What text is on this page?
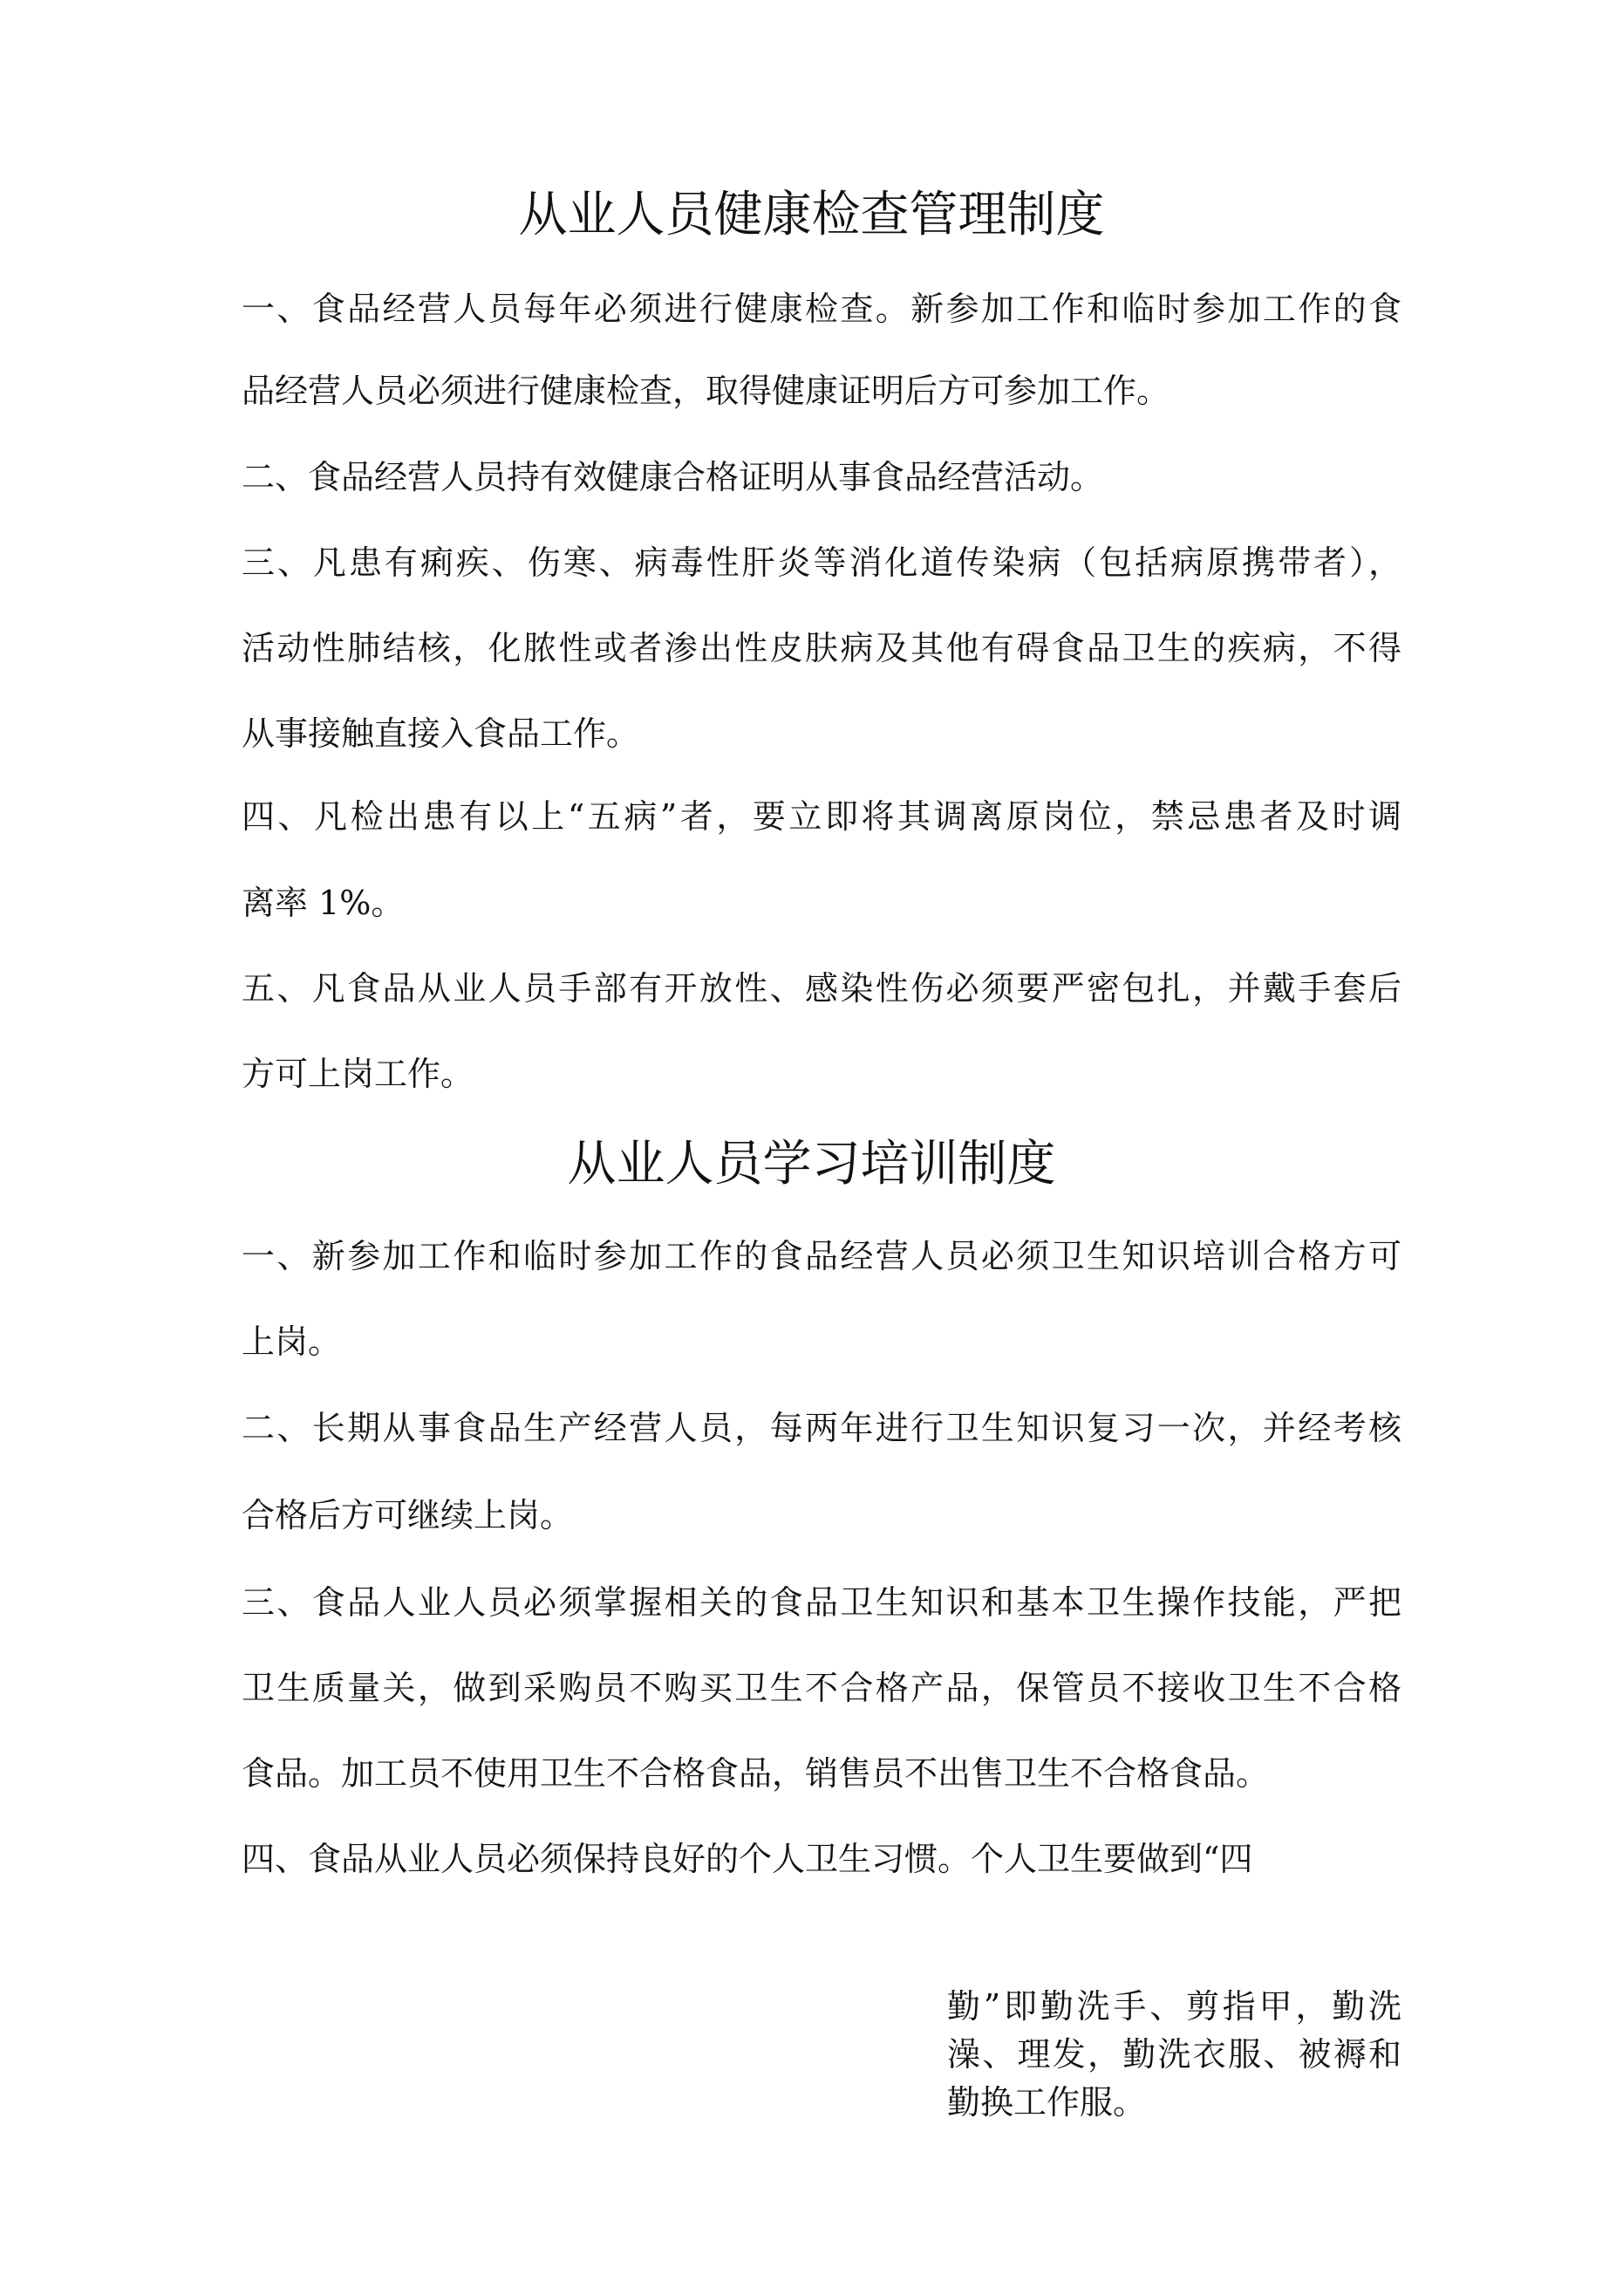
从业人员健康检查管理制度

一、食品经营人员每年必须进行健康检查。新参加工作和临时参加工作的食

品经营人员必须进行健康检查，取得健康证明后方可参加工作。

二、食品经营人员持有效健康合格证明从事食品经营活动。

三、凡患有痢疾、伤寒、病毒性肝炎等消化道传染病（包括病原携带者），

活动性肺结核，化脓性或者渗出性皮肤病及其他有碍食品卫生的疾病，不得

从事接触直接入食品工作。

四、凡检出患有以上“五病”者，要立即将其调离原岗位，禁忌患者及时调

离率 1%。

五、凡食品从业人员手部有开放性、感染性伤必须要严密包扎，并戴手套后

方可上岗工作。

从业人员学习培训制度

一、新参加工作和临时参加工作的食品经营人员必须卫生知识培训合格方可

上岗。

二、长期从事食品生产经营人员，每两年进行卫生知识复习一次，并经考核

合格后方可继续上岗。

三、食品人业人员必须掌握相关的食品卫生知识和基本卫生操作技能，严把

卫生质量关，做到采购员不购买卫生不合格产品，保管员不接收卫生不合格

食品。加工员不使用卫生不合格食品，销售员不出售卫生不合格食品。

四、食品从业人员必须保持良好的个人卫生习惯。个人卫生要做到“四

勤”即勤洗手、剪指甲，勤洗

澡、理发，勤洗衣服、被褥和

勤换工作服。
